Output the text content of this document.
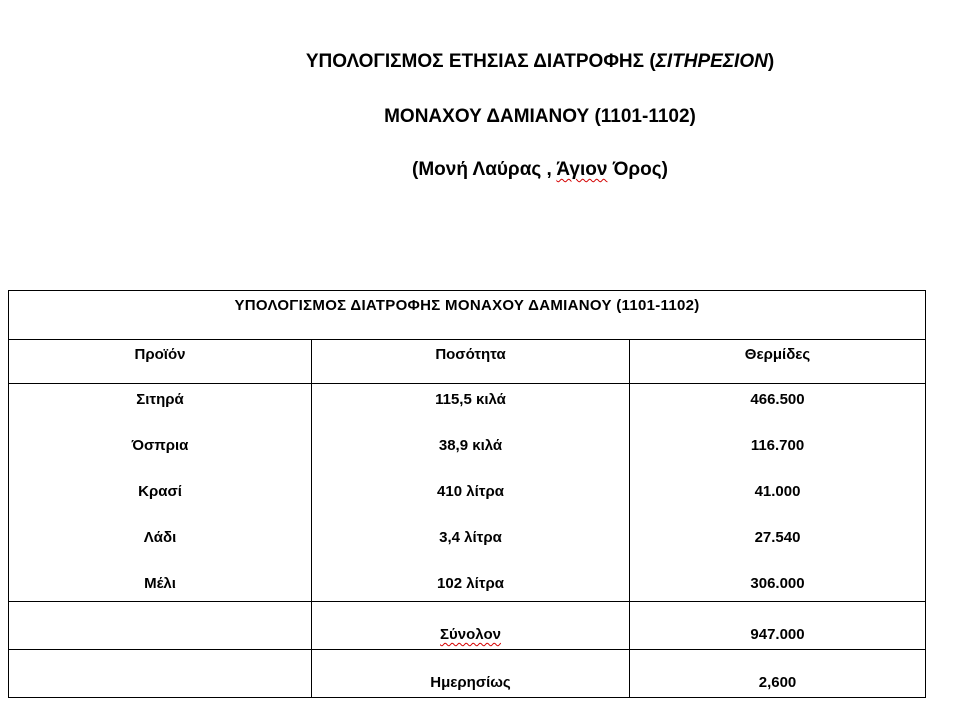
ΥΠΟΛΟΓΙΣΜΟΣ ΕΤΗΣΙΑΣ ΔΙΑΤΡΟΦΗΣ (ΣΙΤΗΡΕΣΙΟΝ)
ΜΟΝΑΧΟΥ ΔΑΜΙΑΝΟΥ (1101-1102)
(Μονή Λαύρας , Άγιον Όρος)
ΥΠΟΛΟΓΙΣΜΟΣ ΔΙΑΤΡΟΦΗΣ ΜΟΝΑΧΟΥ ΔΑΜΙΑΝΟΥ (1101-1102)		
Προϊόν	Ποσότητα	Θερμίδες
Σιτηρά	115,5 κιλά	466.500
Όσπρια	38,9 κιλά	116.700
Κρασί	410 λίτρα	41.000
Λάδι	3,4 λίτρα	27.540
Μέλι	102 λίτρα	306.000
	Σύνολον	947.000
	Ημερησίως	2,600
